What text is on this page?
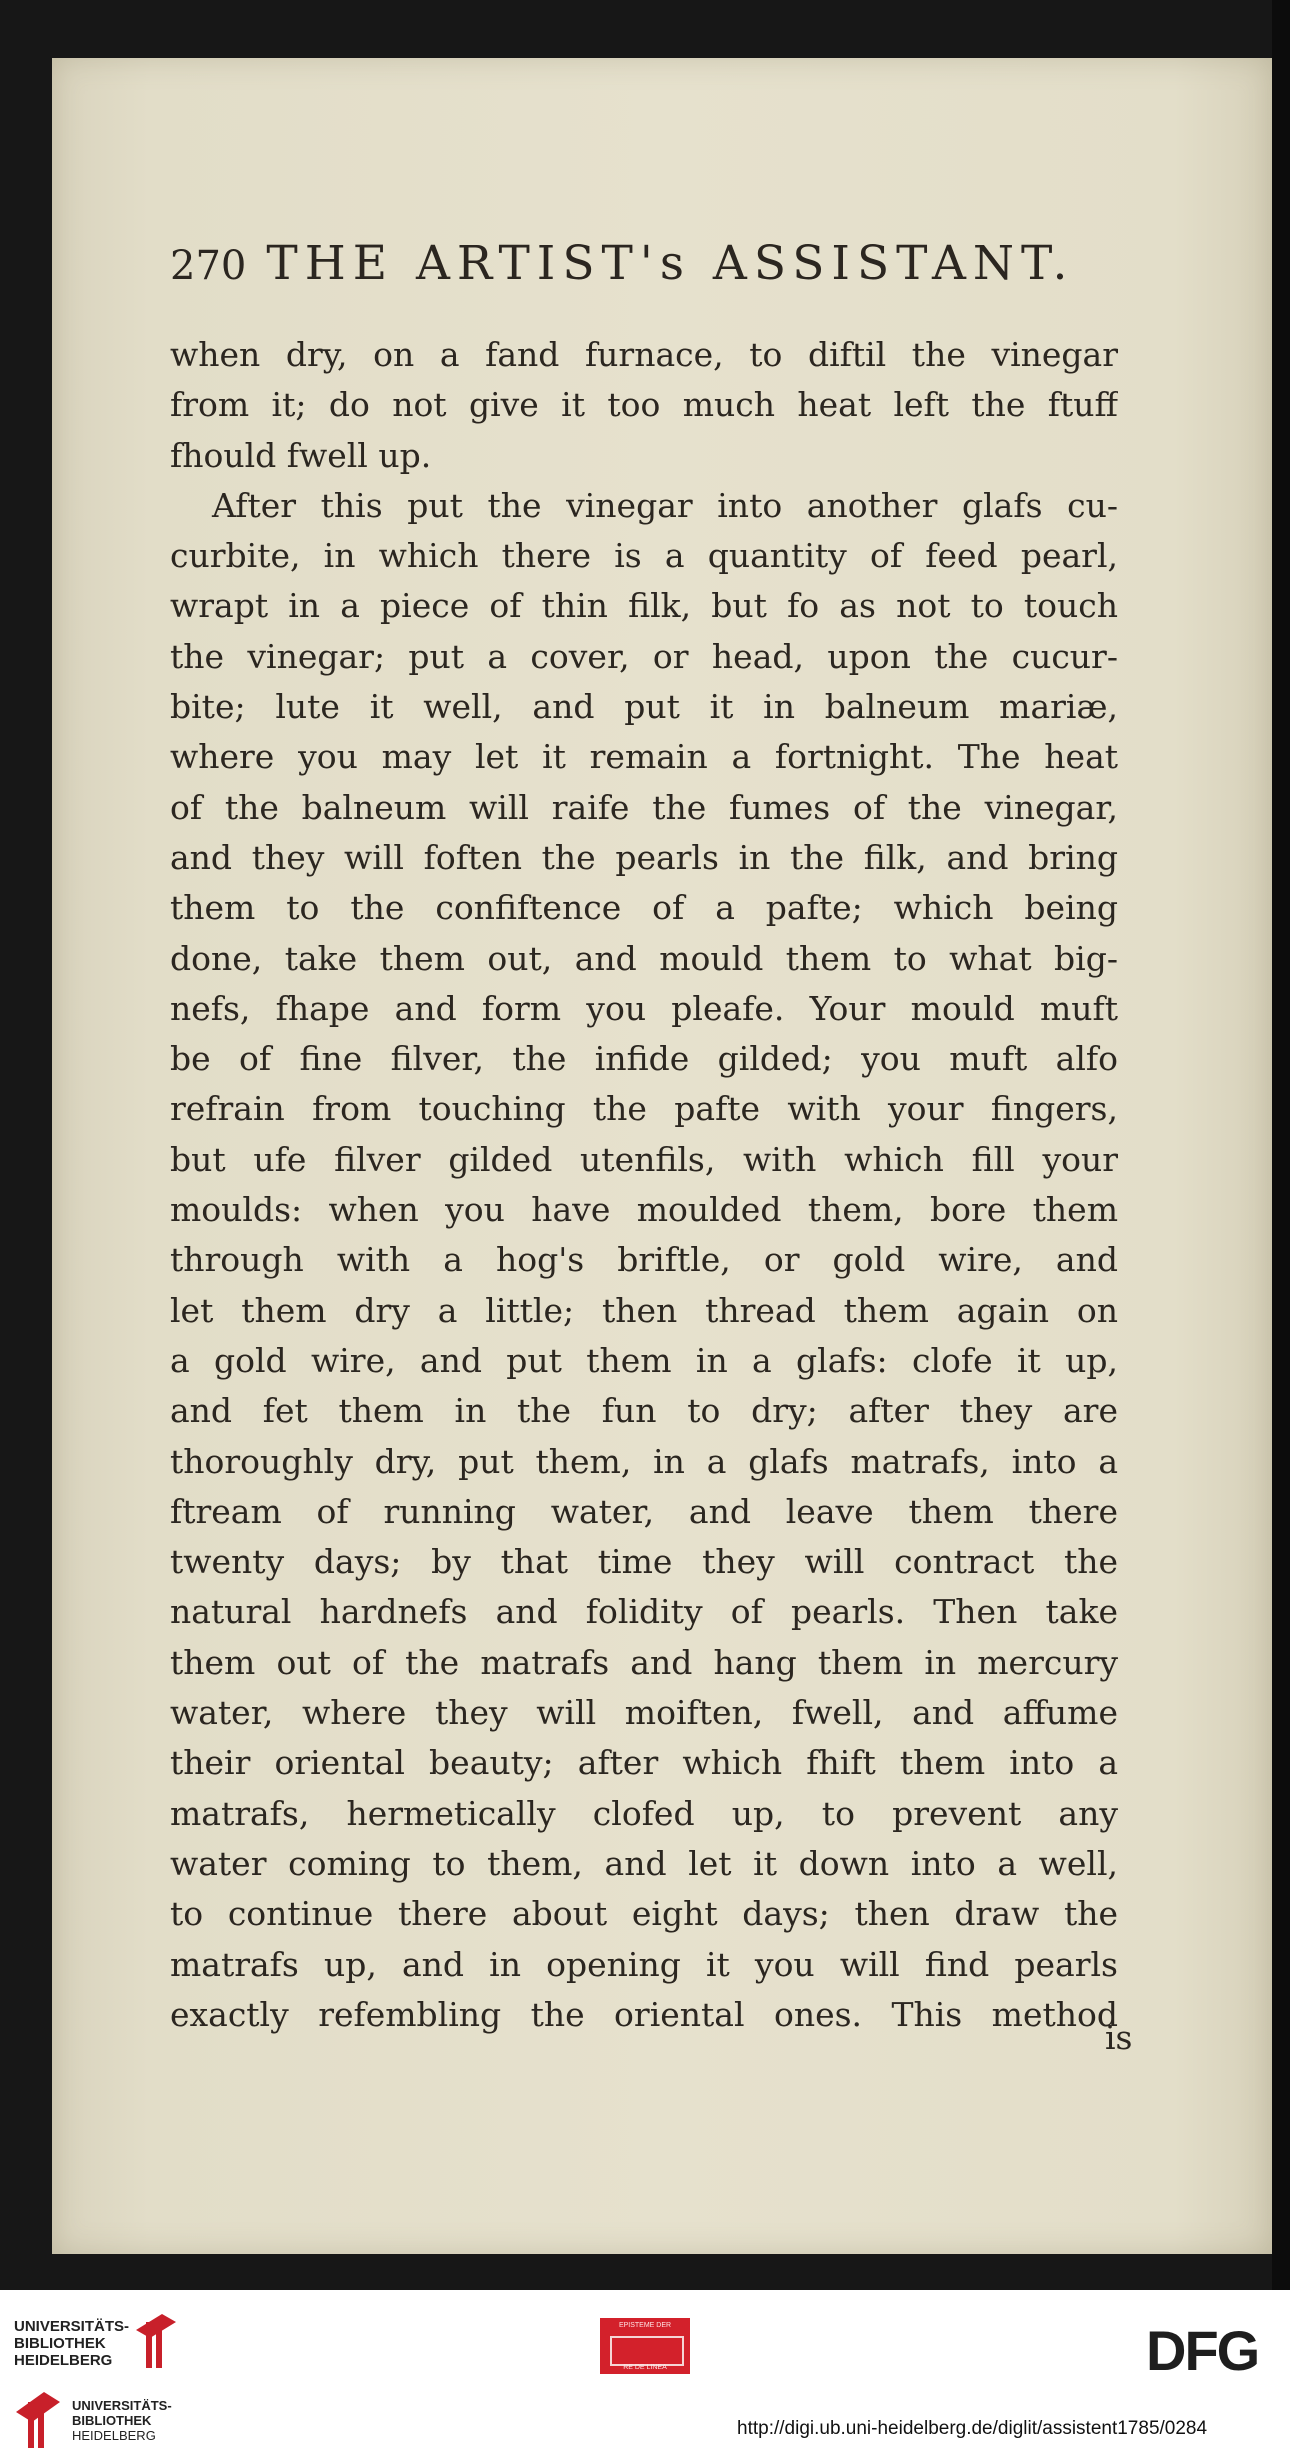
270 THE ARTIST's ASSISTANT.
when dry, on a fand furnace, to diftil the vinegar
from it; do not give it too much heat left the ftuff
fhould fwell up.
After this put the vinegar into another glafs cu-
curbite, in which there is a quantity of feed pearl,
wrapt in a piece of thin filk, but fo as not to touch
the vinegar; put a cover, or head, upon the cucur-
bite; lute it well, and put it in balneum mariæ,
where you may let it remain a fortnight. The heat
of the balneum will raife the fumes of the vinegar,
and they will foften the pearls in the filk, and bring
them to the confiftence of a pafte; which being
done, take them out, and mould them to what big-
nefs, fhape and form you pleafe. Your mould muft
be of fine filver, the infide gilded; you muft alfo
refrain from touching the pafte with your fingers,
but ufe filver gilded utenfils, with which fill your
moulds: when you have moulded them, bore them
through with a hog's briftle, or gold wire, and
let them dry a little; then thread them again on
a gold wire, and put them in a glafs: clofe it up,
and fet them in the fun to dry; after they are
thoroughly dry, put them, in a glafs matrafs, into a
ftream of running water, and leave them there
twenty days; by that time they will contract the
natural hardnefs and folidity of pearls. Then take
them out of the matrafs and hang them in mercury
water, where they will moiften, fwell, and affume
their oriental beauty; after which fhift them into a
matrafs, hermetically clofed up, to prevent any
water coming to them, and let it down into a well,
to continue there about eight days; then draw the
matrafs up, and in opening it you will find pearls
exactly refembling the oriental ones. This method
is
UNIVERSITÄTS-
BIBLIOTHEK
HEIDELBERG
UNIVERSITÄTS-
BIBLIOTHEK
HEIDELBERG
EPISTEME DER
RE DE LINEA	DFG
http://digi.ub.uni-heidelberg.de/diglit/assistent1785/0284
